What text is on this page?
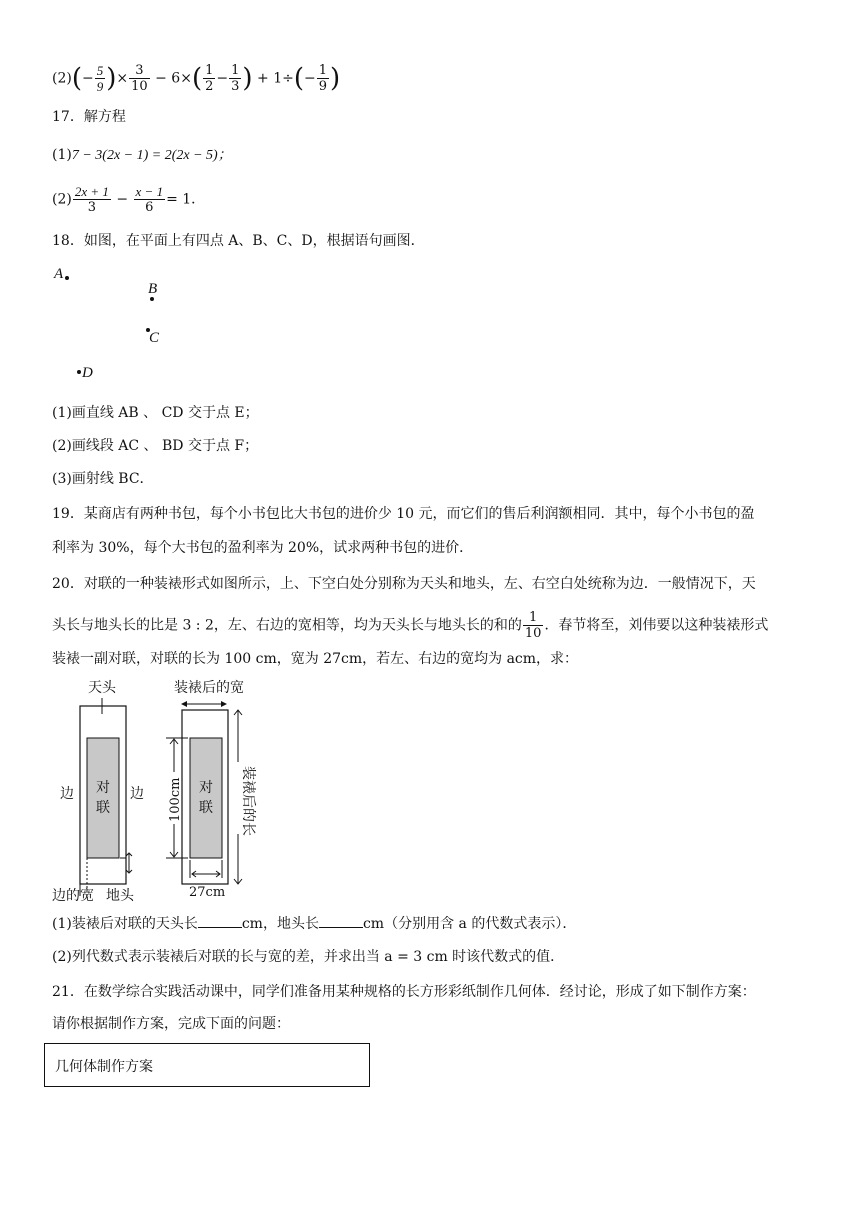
$(2)(- \frac{5}{9}$ )× $\frac{3}{10} - 6\times( \frac{1}{2} - \frac{1}{3}$ ) + $1\div(- \frac{1}{9}$ )
17．解方程
(1)7 − 3(2x − 1) = 2(2x − 5)；
$(2) \frac{2x + 1}{3} - \frac{x - 1}{6} = 1$．
18．如图，在平面上有四点 A、B、C、D，根据语句画图．
A
B
C
D
(1)画直线 AB 、 CD 交于点 E；
(2)画线段 AC 、 BD 交于点 F；
(3)画射线 BC．
19．某商店有两种书包，每个小书包比大书包的进价少 10 元，而它们的售后利润额相同．其中，每个小书包的盈
利率为 30%，每个大书包的盈利率为 20%，试求两种书包的进价．
20．对联的一种装裱形式如图所示，上、下空白处分别称为天头和地头，左、右空白处统称为边．一般情况下，天
头长与地头长的比是 3 : 2，左、右边的宽相等，均为天头长与地头长的和的 $\frac{1}{10}$ ．春节将至，刘伟要以这种装裱形式
装裱一副对联，对联的长为 100 cm，宽为 27cm，若左、右边的宽均为 acm，求：
天头
对
联
边	边
边的宽 地头
装裱后的宽
对
联
100cm	装裱后的长
27cm
(1)装裱后对联的天头长	cm，地头长	cm（分别用含 a 的代数式表示）．
(2)列代数式表示装裱后对联的长与宽的差，并求出当 a = 3 cm 时该代数式的值．
21．在数学综合实践活动课中，同学们准备用某种规格的长方形彩纸制作几何体．经讨论，形成了如下制作方案：
请你根据制作方案，完成下面的问题：
几何体制作方案
